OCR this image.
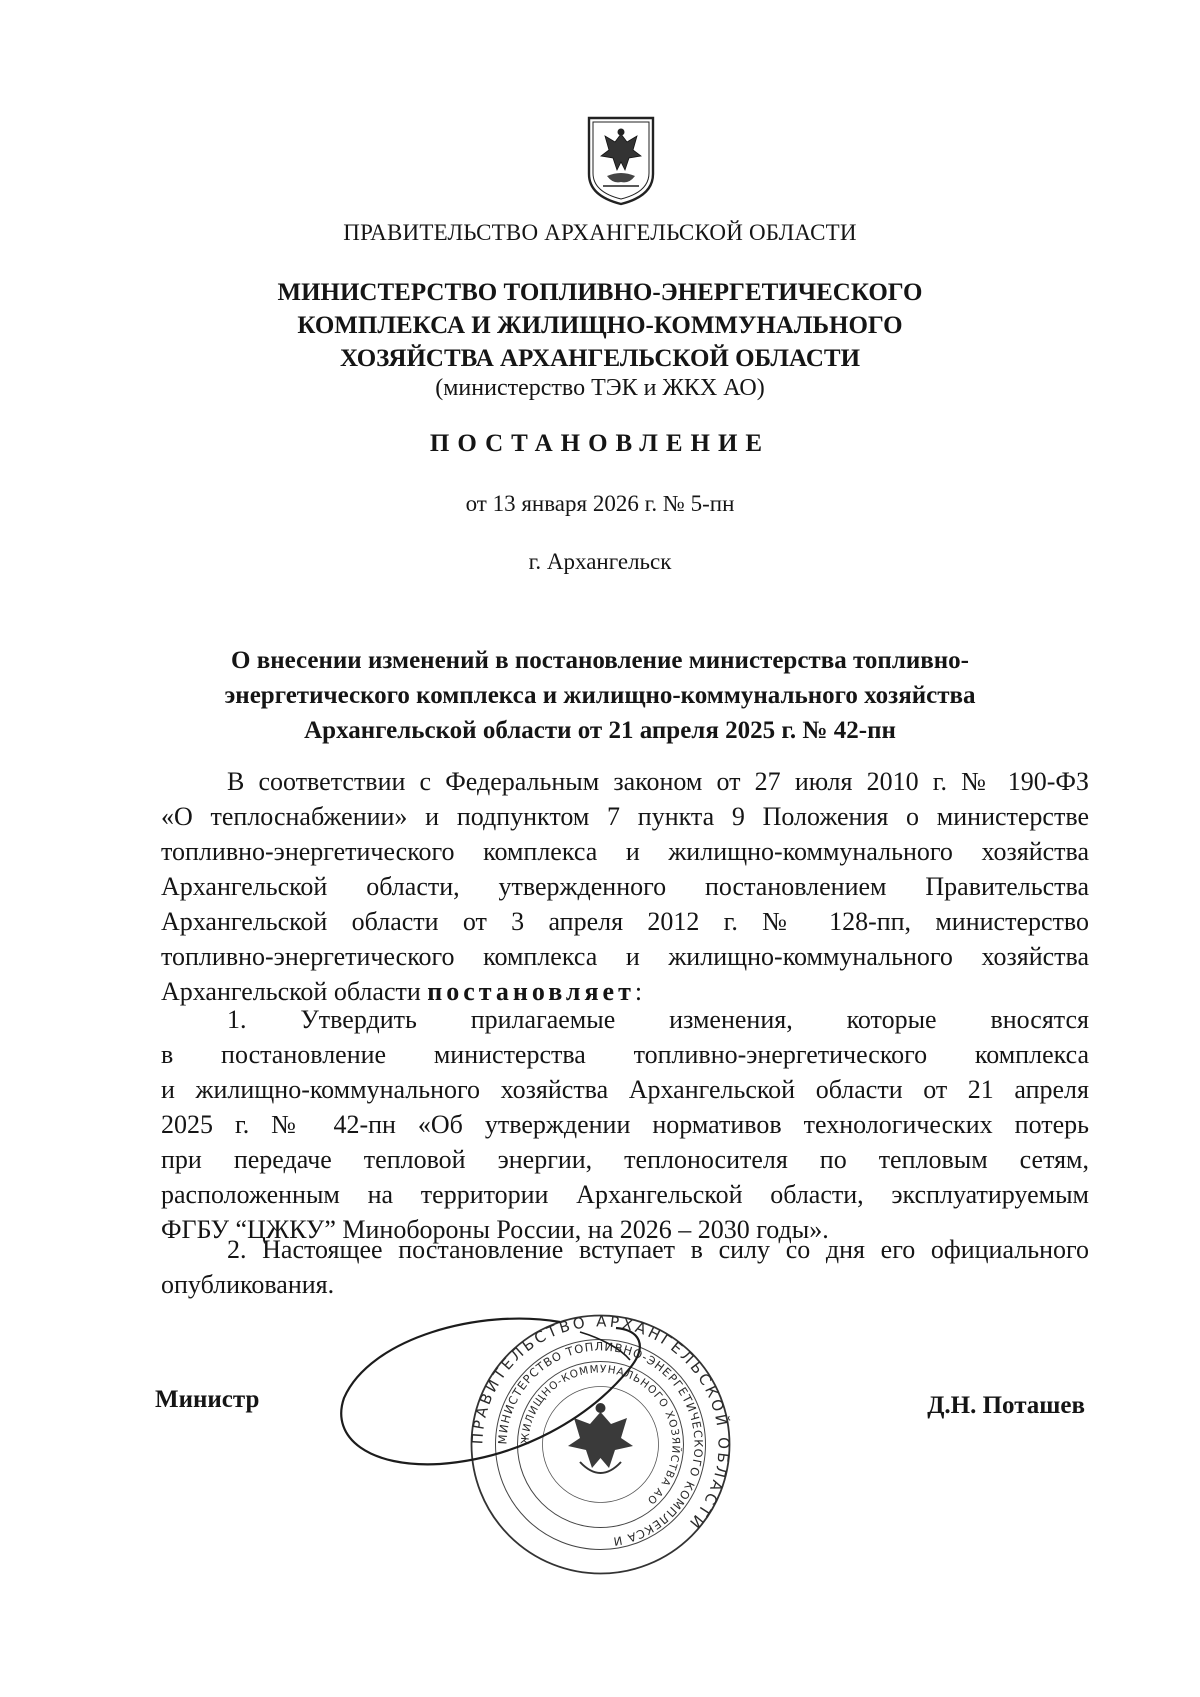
ПРАВИТЕЛЬСТВО АРХАНГЕЛЬСКОЙ ОБЛАСТИ
МИНИСТЕРСТВО ТОПЛИВНО-ЭНЕРГЕТИЧЕСКОГО
КОМПЛЕКСА И ЖИЛИЩНО-КОММУНАЛЬНОГО
ХОЗЯЙСТВА АРХАНГЕЛЬСКОЙ ОБЛАСТИ
(министерство ТЭК и ЖКХ АО)
ПОСТАНОВЛЕНИЕ
от 13 января 2026 г. № 5-пн
г. Архангельск
О внесении изменений в постановление министерства топливно-
энергетического комплекса и жилищно-коммунального хозяйства
Архангельской области от 21 апреля 2025 г. № 42-пн
В соответствии с Федеральным законом от 27 июля 2010 г. № 190-ФЗ
«О теплоснабжении» и подпунктом 7 пункта 9 Положения о министерстве
топливно-энергетического комплекса и жилищно-коммунального хозяйства
Архангельской области, утвержденного постановлением Правительства
Архангельской области от 3 апреля 2012 г. № 128-пп, министерство
топливно-энергетического комплекса и жилищно-коммунального хозяйства
Архангельской области постановляет:
1. Утвердить прилагаемые изменения, которые вносятся
в постановление министерства топливно-энергетического комплекса
и жилищно-коммунального хозяйства Архангельской области от 21 апреля
2025 г. № 42-пн «Об утверждении нормативов технологических потерь
при передаче тепловой энергии, теплоносителя по тепловым сетям,
расположенным на территории Архангельской области, эксплуатируемым
ФГБУ “ЦЖКУ” Минобороны России, на 2026 – 2030 годы».
2. Настоящее постановление вступает в силу со дня его официального
опубликования.
Министр	Д.Н. Поташев
ПРАВИТЕЛЬСТВО АРХАНГЕЛЬСКОЙ ОБЛАСТИ
МИНИСТЕРСТВО ТОПЛИВНО-ЭНЕРГЕТИЧЕСКОГО КОМПЛЕКСА И
ЖИЛИЩНО-КОММУНАЛЬНОГО ХОЗЯЙСТВА АО
